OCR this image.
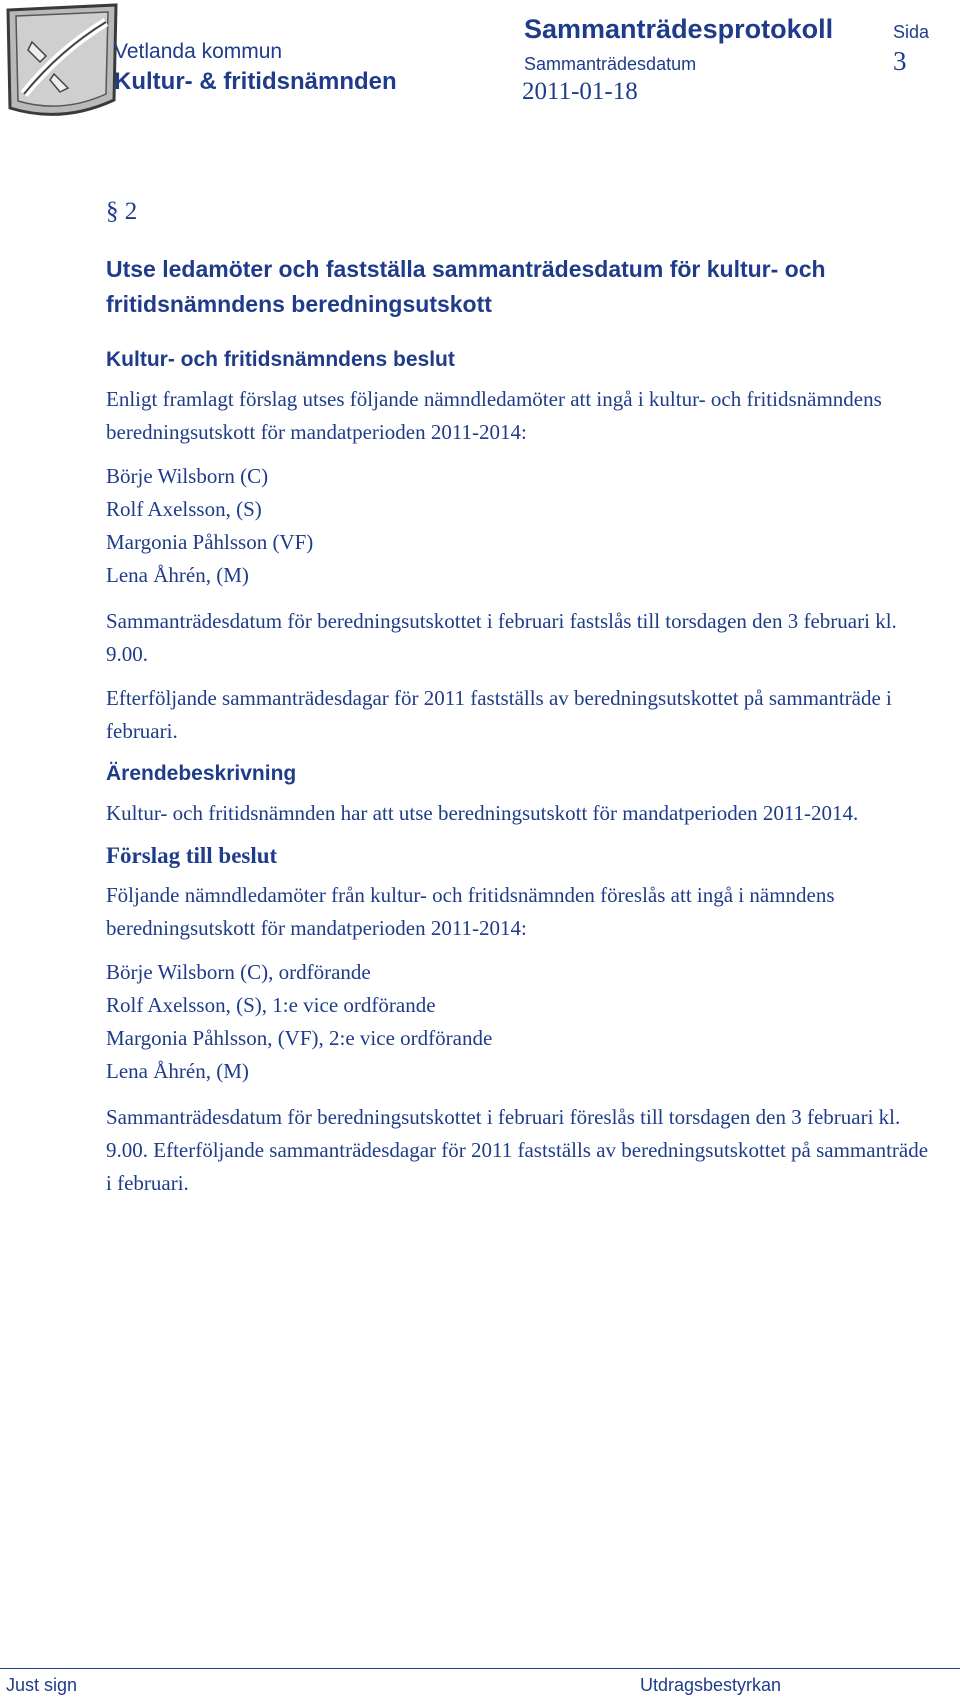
Vetlanda kommun
Kultur- & fritidsnämnden
Sammanträdesprotokoll
Sammanträdesdatum
2011-01-18
Sida
3
§ 2
Utse ledamöter och fastställa sammanträdesdatum för kultur- och
fritidsnämndens beredningsutskott
Kultur- och fritidsnämndens beslut

Enligt framlagt förslag utses följande nämndledamöter att ingå i kultur- och fritidsnämndens beredningsutskott för mandatperioden 2011-2014:

Börje Wilsborn (C)
Rolf Axelsson, (S)
Margonia Påhlsson (VF)
Lena Åhrén, (M)

Sammanträdesdatum för beredningsutskottet i februari fastslås till torsdagen den 3 februari kl. 9.00.

Efterföljande sammanträdesdagar för 2011 fastställs av beredningsutskottet på sammanträde i februari.

Ärendebeskrivning

Kultur- och fritidsnämnden har att utse beredningsutskott för mandatperioden 2011-2014.

Förslag till beslut

Följande nämndledamöter från kultur- och fritidsnämnden föreslås att ingå i nämndens beredningsutskott för mandatperioden 2011-2014:

Börje Wilsborn (C), ordförande
Rolf Axelsson, (S), 1:e vice ordförande
Margonia Påhlsson, (VF), 2:e vice ordförande
Lena Åhrén, (M)

Sammanträdesdatum för beredningsutskottet i februari föreslås till torsdagen den 3 februari kl. 9.00. Efterföljande sammanträdesdagar för 2011 fastställs av beredningsutskottet på sammanträde i februari.

Just sign	Utdragsbestyrkan
